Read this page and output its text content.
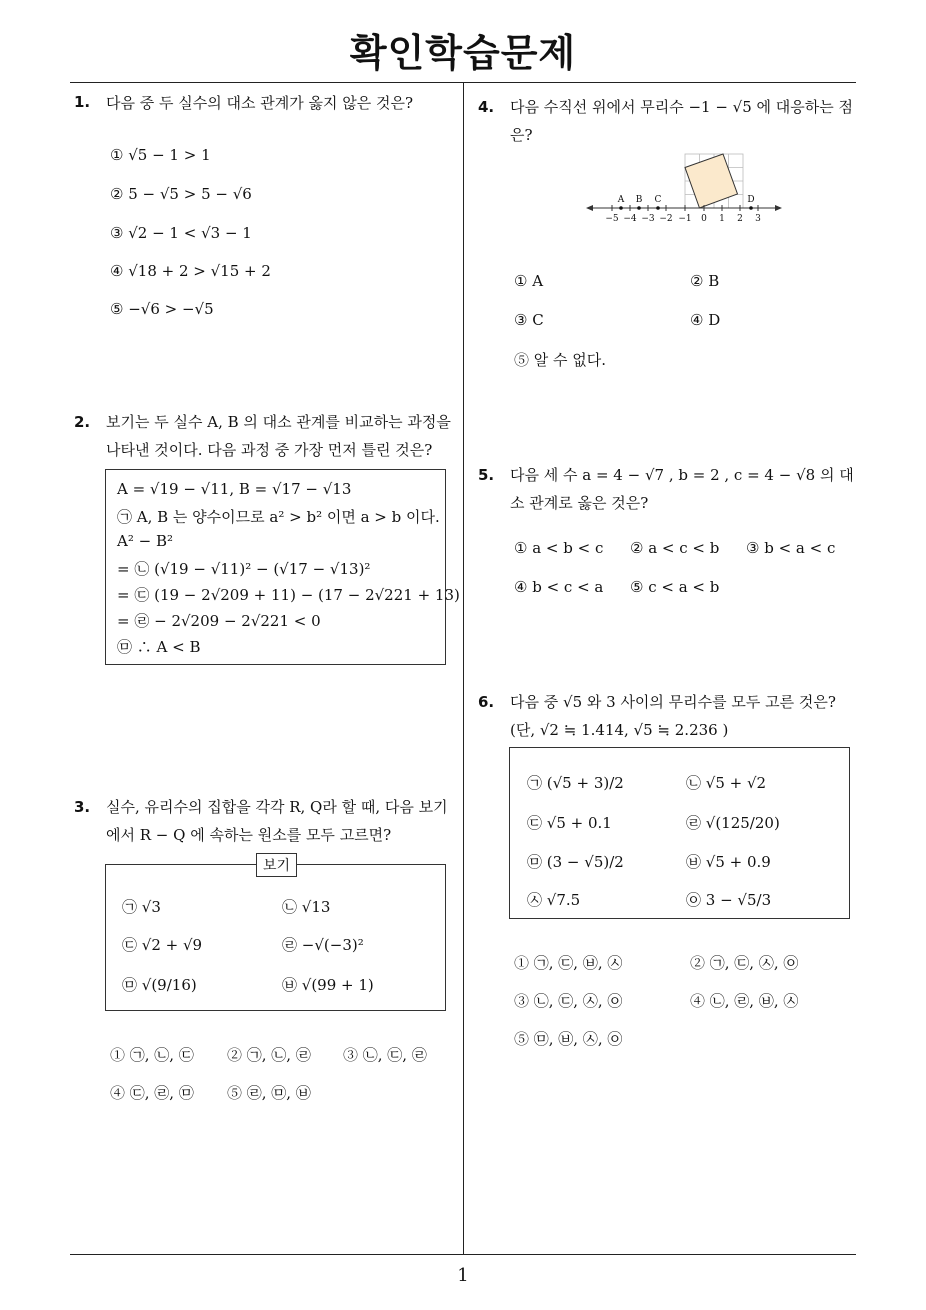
확인학습문제
1
1. 다음 중 두 실수의 대소 관계가 옳지 않은 것은?
① √5 − 1 > 1
② 5 − √5 > 5 − √6
③ √2 − 1 < √3 − 1
④ √18 + 2 > √15 + 2
⑤ −√6 > −√5
2. 보기는 두 실수 A, B 의 대소 관계를 비교하는 과정을 나타낸 것이다. 다음 과정 중 가장 먼저 틀린 것은?
A = √19 − √11, B = √17 − √13
㉠ A, B 는 양수이므로 a² > b² 이면 a > b 이다.
A² − B²
= ㉡ (√19 − √11)² − (√17 − √13)²
= ㉢ (19 − 2√209 + 11) − (17 − 2√221 + 13)
= ㉣ − 2√209 − 2√221 < 0
㉤ ∴ A < B
3. 실수, 유리수의 집합을 각각 R, Q라 할 때, 다음 보기에서 R − Q 에 속하는 원소를 모두 고르면?
보기
㉠ √3	㉡ √13
㉢ √2 + √9	㉣ −√(−3)²
㉤ √(9/16)	㉥ √(99 + 1)
① ㉠, ㉡, ㉢ ② ㉠, ㉡, ㉣ ③ ㉡, ㉢, ㉣
④ ㉢, ㉣, ㉤ ⑤ ㉣, ㉤, ㉥
4. 다음 수직선 위에서 무리수 −1 − √5 에 대응하는 점은?
A B C	D
−5 −4 −3 −2 −1 0 1 2 3
① A	② B
③ C	④ D
⑤ 알 수 없다.
5. 다음 세 수 a = 4 − √7 , b = 2 , c = 4 − √8 의 대소 관계로 옳은 것은?
① a < b < c ② a < c < b ③ b < a < c
④ b < c < a ⑤ c < a < b
6. 다음 중 √5 와 3 사이의 무리수를 모두 고른 것은?(단, √2 ≒ 1.414, √5 ≒ 2.236 )
㉠ (√5 + 3)/2	㉡ √5 + √2
㉢ √5 + 0.1	㉣ √(125/20)
㉤ (3 − √5)/2	㉥ √5 + 0.9
㉦ √7.5	㉧ 3 − √5/3
① ㉠, ㉢, ㉥, ㉦	② ㉠, ㉢, ㉦, ㉧
③ ㉡, ㉢, ㉦, ㉧	④ ㉡, ㉣, ㉥, ㉦
⑤ ㉤, ㉥, ㉦, ㉧
